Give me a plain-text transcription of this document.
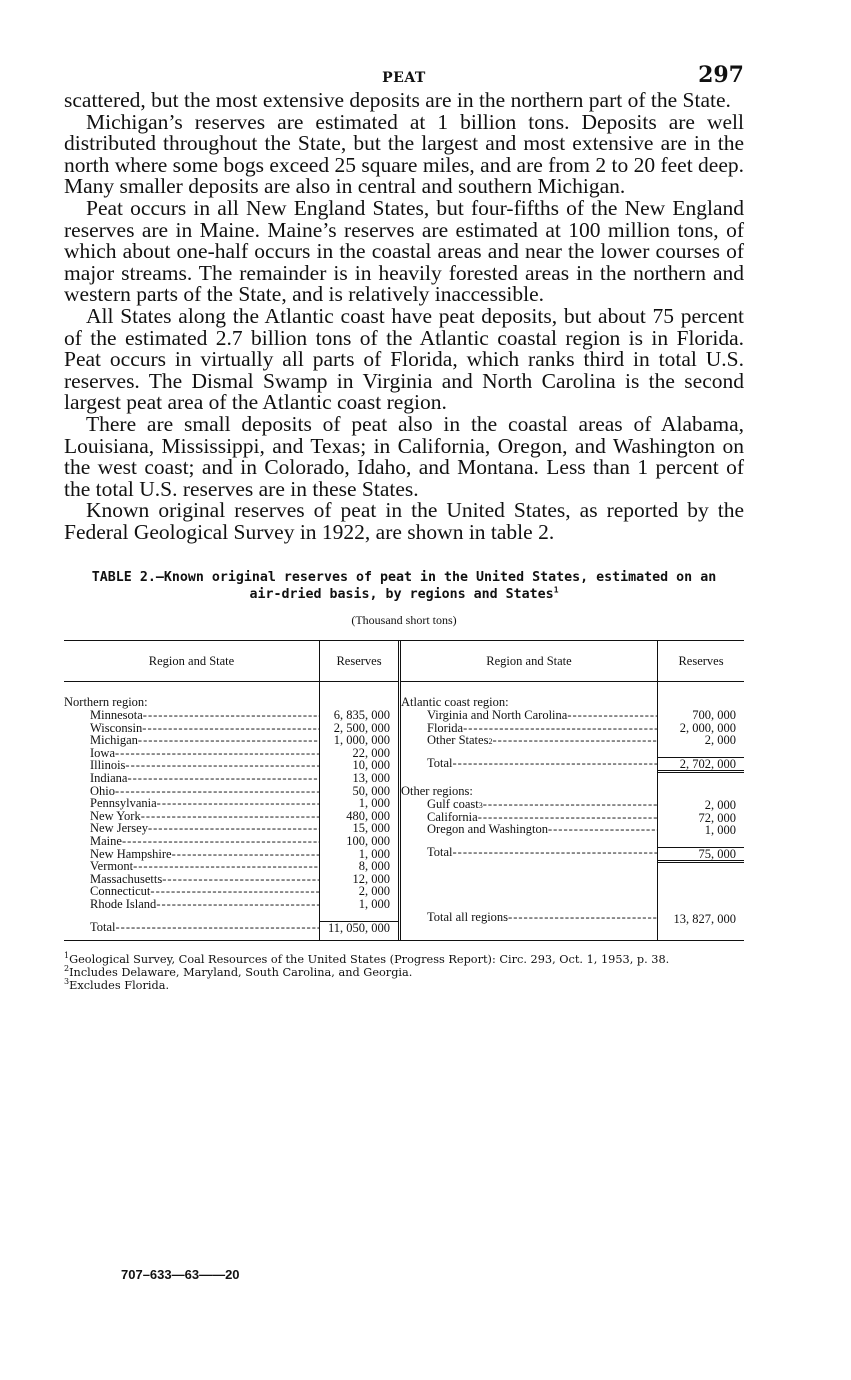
PEAT	297

scattered, but the most extensive deposits are in the northern part of the State.

Michigan’s reserves are estimated at 1 billion tons. Deposits are well distributed throughout the State, but the largest and most extensive are in the north where some bogs exceed 25 square miles, and are from 2 to 20 feet deep. Many smaller deposits are also in central and southern Michigan.

Peat occurs in all New England States, but four-fifths of the New England reserves are in Maine. Maine’s reserves are estimated at 100 million tons, of which about one-half occurs in the coastal areas and near the lower courses of major streams. The remainder is in heavily forested areas in the northern and western parts of the State, and is relatively inaccessible.

All States along the Atlantic coast have peat deposits, but about 75 percent of the estimated 2.7 billion tons of the Atlantic coastal region is in Florida. Peat occurs in virtually all parts of Florida, which ranks third in total U.S. reserves. The Dismal Swamp in Virginia and North Carolina is the second largest peat area of the Atlantic coast region.

There are small deposits of peat also in the coastal areas of Alabama, Louisiana, Mississippi, and Texas; in California, Oregon, and Washington on the west coast; and in Colorado, Idaho, and Montana. Less than 1 percent of the total U.S. reserves are in these States.

Known original reserves of peat in the United States, as reported by the Federal Geological Survey in 1922, are shown in table 2.

TABLE 2.—Known original reserves of peat in the United States, estimated on an
air-dried basis, by regions and States$^1$
(Thousand short tons)
Region and State
Northern region:
Minnesota
-----
Wisconsin
-----
Michigan
-----
Iowa
-----
Illinois
-----
Indiana
-----
Ohio
-----
Pennsylvania
-----
New York
-----
New Jersey
-----
Maine
-----
New Hampshire
-----
Vermont
-----
Massachusetts
-----
Connecticut
-----
Rhode Island
-----
Total
-----
Reserves
6, 835, 000
2, 500, 000
1, 000, 000
22, 000
10, 000
13, 000
50, 000
1, 000
480, 000
15, 000
100, 000
1, 000
8, 000
12, 000
2, 000
1, 000
11, 050, 000
Region and State
Atlantic coast region:
Virginia and North Carolina
-----
Florida
-----
Other States 2
-----
Total
-----
Other regions:
Gulf coast 3
-----
California
-----
Oregon and Washington
-----
Total
-----
Total all regions
-----
Reserves
700, 000
2, 000, 000
2, 000
2, 702, 000
2, 000
72, 000
1, 000
75, 000
13, 827, 000

$^1$Geological Survey, Coal Resources of the United States (Progress Report): Circ. 293, Oct. 1, 1953, p. 38.

$^2$Includes Delaware, Maryland, South Carolina, and Georgia.

$^3$Excludes Florida.

707–633—63——20
